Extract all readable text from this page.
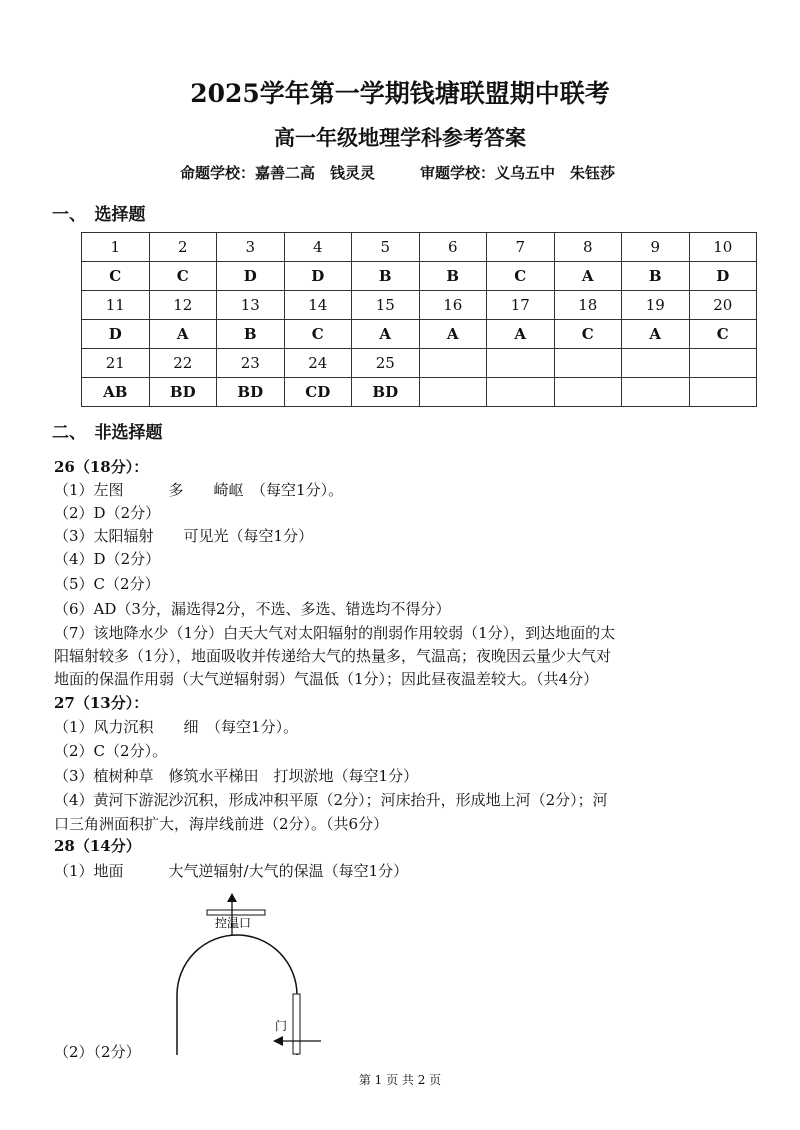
2025学年第一学期钱塘联盟期中联考
高一年级地理学科参考答案
命题学校：嘉善二高　钱灵灵　　　审题学校：义乌五中　朱钰莎
一、　选择题
1	2	3	4	5	6	7	8	9	10
C	C	D	D	B	B	C	A	B	D
11	12	13	14	15	16	17	18	19	20
D	A	B	C	A	A	A	C	A	C
21	22	23	24	25					
AB	BD	BD	CD	BD					
二、　非选择题
26（18分）：
（1）左图　　　多　　崎岖　（每空1分）。
（2）D（2分）
（3）太阳辐射　　可见光（每空1分）
（4）D（2分）
（5）C（2分）
（6）AD（3分，漏选得2分，不选、多选、错选均不得分）
（7）该地降水少（1分）白天大气对太阳辐射的削弱作用较弱（1分），到达地面的太
阳辐射较多（1分），地面吸收并传递给大气的热量多，气温高；夜晚因云量少大气对
地面的保温作用弱（大气逆辐射弱）气温低（1分）；因此昼夜温差较大。（共4分）
27（13分）：
（1）风力沉积　　细　（每空1分）。
（2）C（2分）。
（3）植树种草　修筑水平梯田　打坝淤地（每空1分）
（4）黄河下游泥沙沉积，形成冲积平原（2分）；河床抬升，形成地上河（2分）；河
口三角洲面积扩大，海岸线前进（2分）。（共6分）
28（14分）
（1）地面　　　大气逆辐射/大气的保温（每空1分）
（2）（2分）
控温口
门
第 1 页 共 2 页
